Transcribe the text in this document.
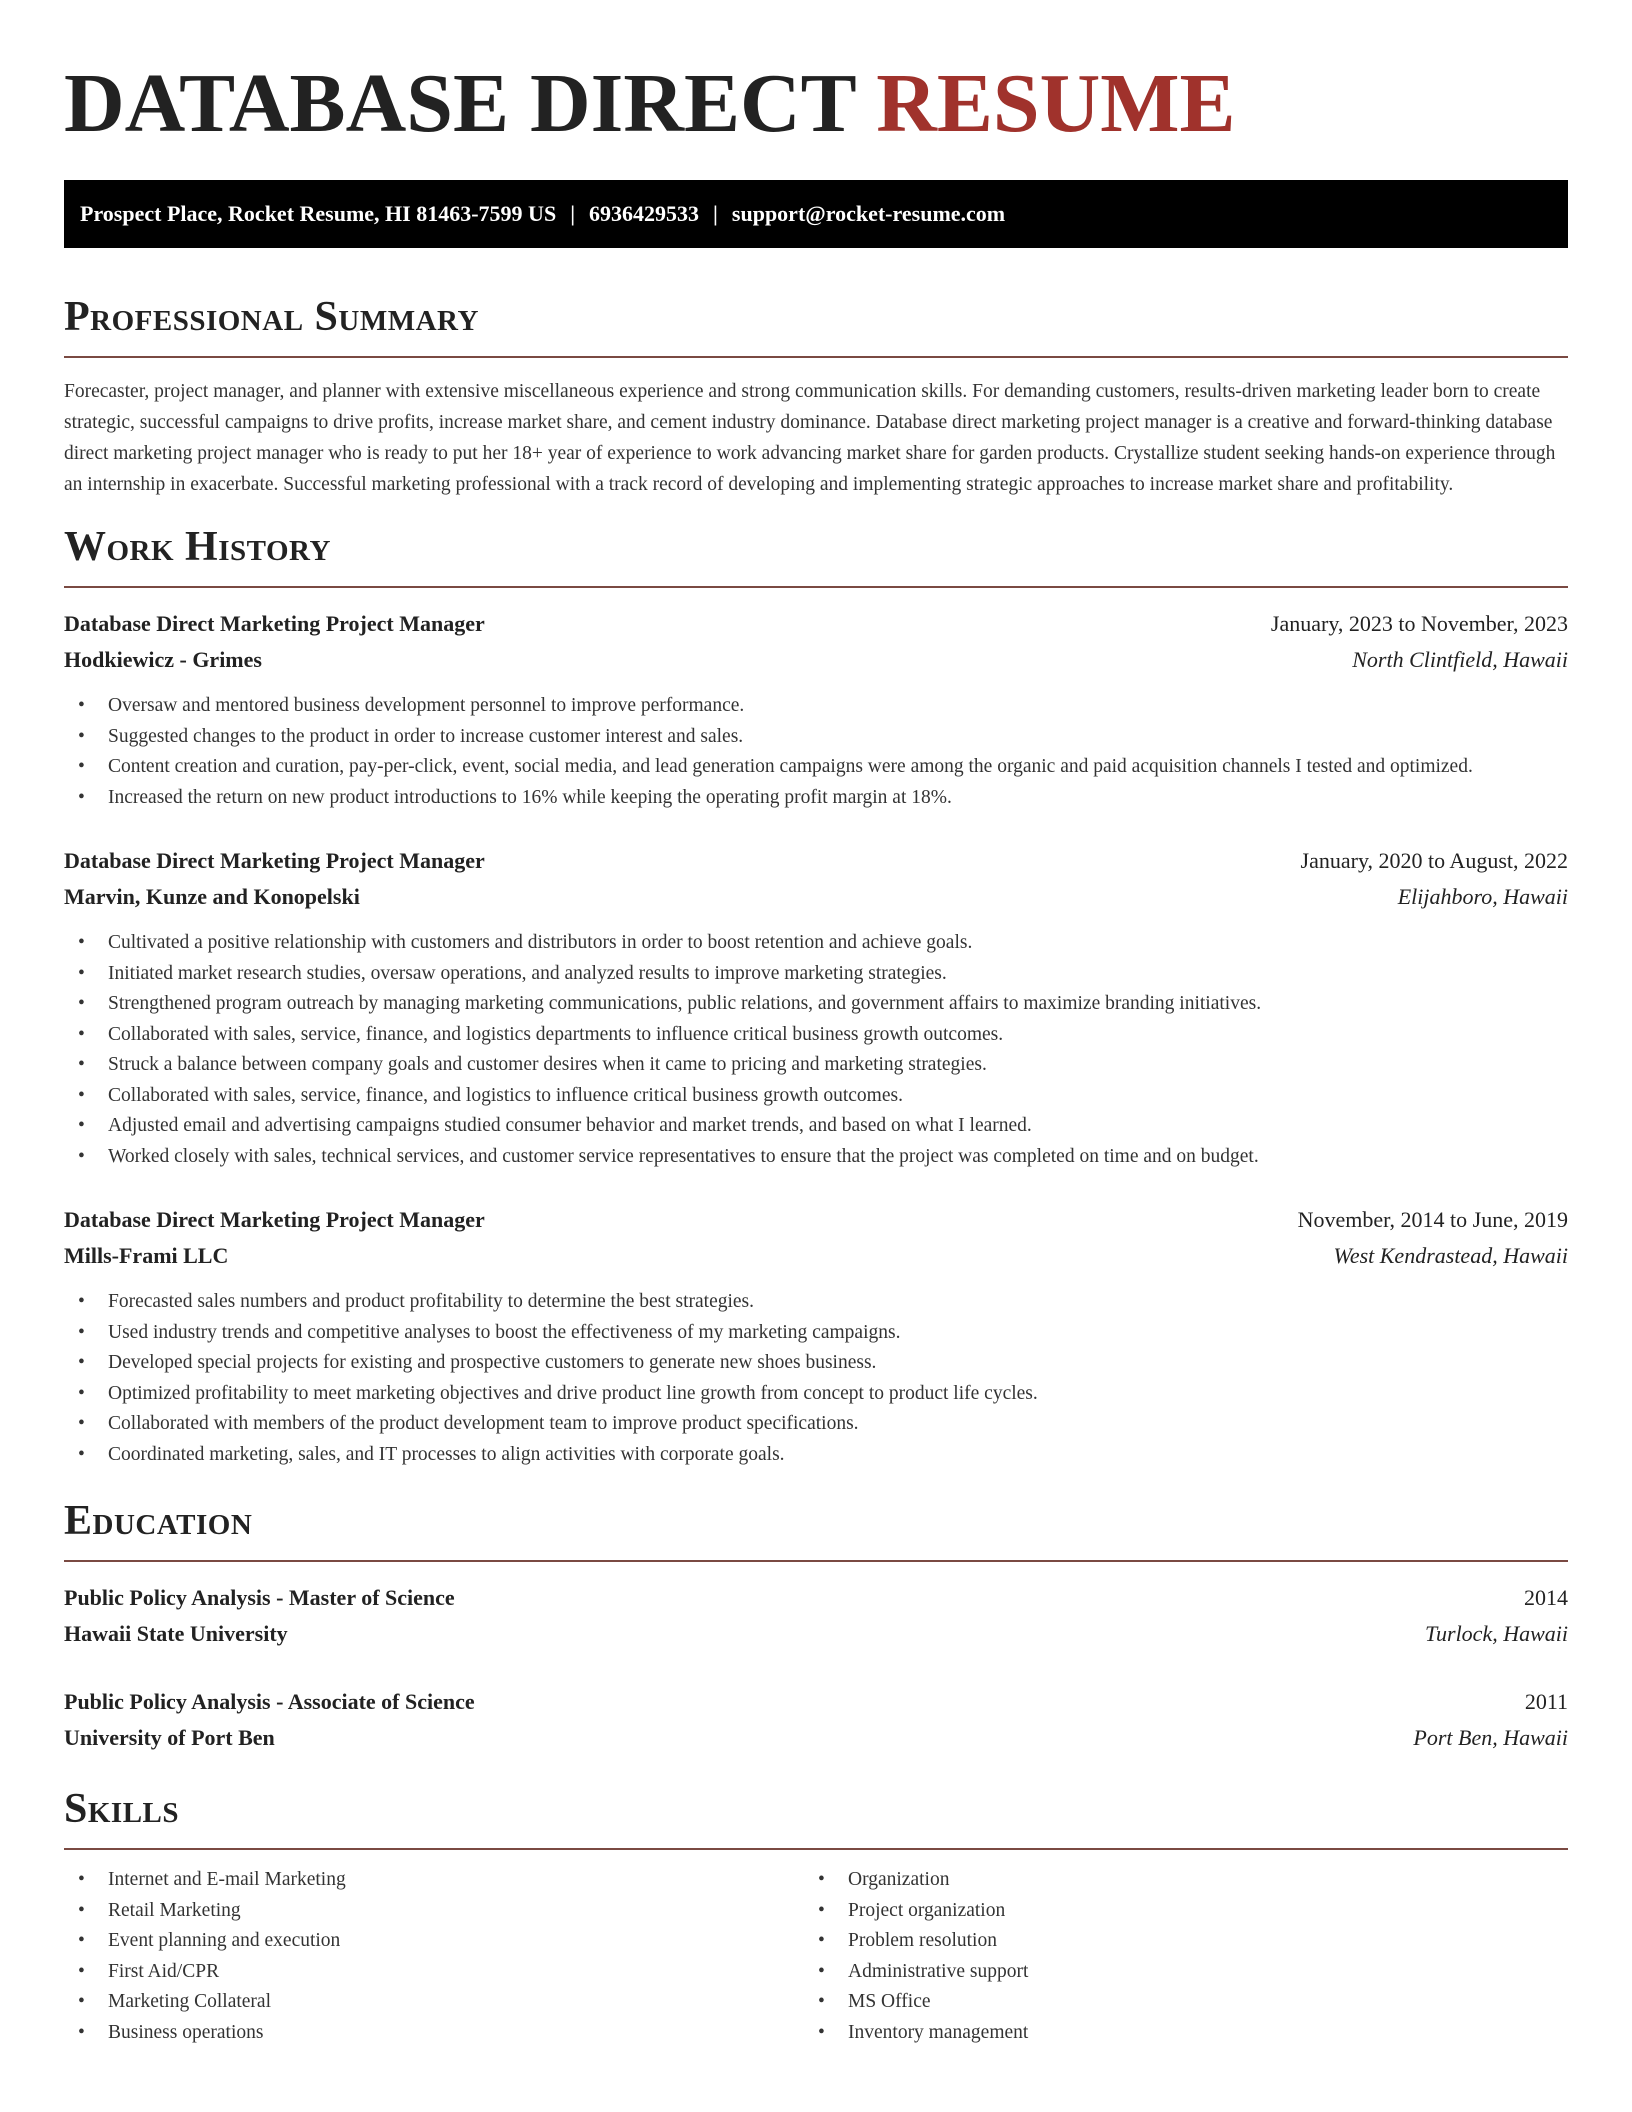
DATABASE DIRECT RESUME
Prospect Place, Rocket Resume, HI 81463-7599 US | 6936429533 | support@rocket-resume.com
Professional Summary

Forecaster, project manager, and planner with extensive miscellaneous experience and strong communication skills. For demanding customers, results-driven marketing leader born to create strategic, successful campaigns to drive profits, increase market share, and cement industry dominance. Database direct marketing project manager is a creative and forward-thinking database direct marketing project manager who is ready to put her 18+ year of experience to work advancing market share for garden products. Crystallize student seeking hands-on experience through an internship in exacerbate. Successful marketing professional with a track record of developing and implementing strategic approaches to increase market share and profitability.

Work History
Database Direct Marketing Project Manager	January, 2023 to November, 2023
Hodkiewicz - Grimes	North Clintfield, Hawaii
• Oversaw and mentored business development personnel to improve performance.
• Suggested changes to the product in order to increase customer interest and sales.
• Content creation and curation, pay-per-click, event, social media, and lead generation campaigns were among the organic and paid acquisition channels I tested and optimized.
• Increased the return on new product introductions to 16% while keeping the operating profit margin at 18%.
Database Direct Marketing Project Manager	January, 2020 to August, 2022
Marvin, Kunze and Konopelski	Elijahboro, Hawaii
• Cultivated a positive relationship with customers and distributors in order to boost retention and achieve goals.
• Initiated market research studies, oversaw operations, and analyzed results to improve marketing strategies.
• Strengthened program outreach by managing marketing communications, public relations, and government affairs to maximize branding initiatives.
• Collaborated with sales, service, finance, and logistics departments to influence critical business growth outcomes.
• Struck a balance between company goals and customer desires when it came to pricing and marketing strategies.
• Collaborated with sales, service, finance, and logistics to influence critical business growth outcomes.
• Adjusted email and advertising campaigns studied consumer behavior and market trends, and based on what I learned.
• Worked closely with sales, technical services, and customer service representatives to ensure that the project was completed on time and on budget.
Database Direct Marketing Project Manager	November, 2014 to June, 2019
Mills-Frami LLC	West Kendrastead, Hawaii
• Forecasted sales numbers and product profitability to determine the best strategies.
• Used industry trends and competitive analyses to boost the effectiveness of my marketing campaigns.
• Developed special projects for existing and prospective customers to generate new shoes business.
• Optimized profitability to meet marketing objectives and drive product line growth from concept to product life cycles.
• Collaborated with members of the product development team to improve product specifications.
• Coordinated marketing, sales, and IT processes to align activities with corporate goals.
Education
Public Policy Analysis - Master of Science	2014
Hawaii State University	Turlock, Hawaii
Public Policy Analysis - Associate of Science	2011
University of Port Ben	Port Ben, Hawaii
Skills
• Internet and E-mail Marketing
• Retail Marketing
• Event planning and execution
• First Aid/CPR
• Marketing Collateral
• Business operations
• Organization
• Project organization
• Problem resolution
• Administrative support
• MS Office
• Inventory management
